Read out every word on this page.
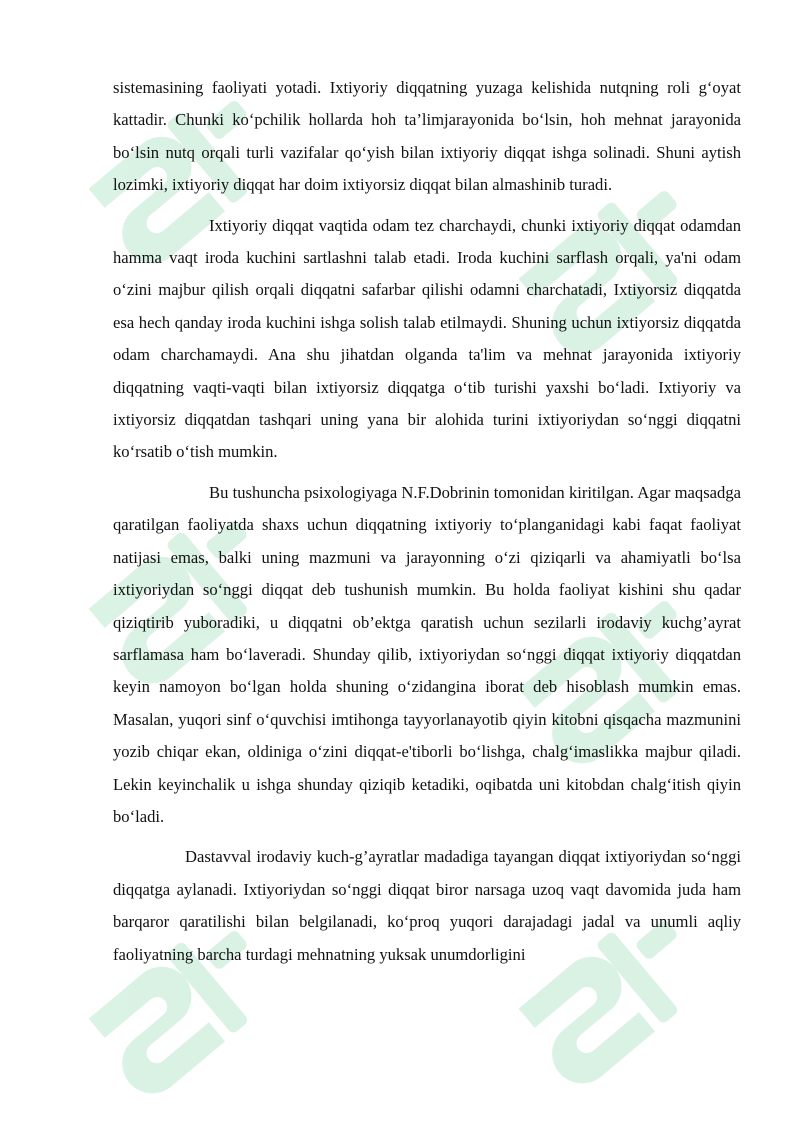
sistemasining faoliyati yotadi. Ixtiyoriy diqqatning yuzaga kelishida nutqning roli g‘oyat kattadir. Chunki ko‘pchilik hollarda hoh ta’limjarayonida bo‘lsin, hoh mehnat jarayonida bo‘lsin nutq orqali turli vazifalar qo‘yish bilan ixtiyoriy diqqat ishga solinadi. Shuni aytish lozimki, ixtiyoriy diqqat har doim ixtiyorsiz diqqat bilan almashinib turadi.

Ixtiyoriy diqqat vaqtida odam tez charchaydi, chunki ixtiyoriy diqqat odamdan hamma vaqt iroda kuchini sartlashni talab etadi. Iroda kuchini sarflash orqali, ya'ni odam o‘zini majbur qilish orqali diqqatni safarbar qilishi odamni charchatadi, Ixtiyorsiz diqqatda esa hech qanday iroda kuchini ishga solish talab etilmaydi. Shuning uchun ixtiyorsiz diqqatda odam charchamaydi. Ana shu jihatdan olganda ta'lim va mehnat jarayonida ixtiyoriy diqqatning vaqti-vaqti bilan ixtiyorsiz diqqatga o‘tib turishi yaxshi bo‘ladi. Ixtiyoriy va ixtiyorsiz diqqatdan tashqari uning yana bir alohida turini ixtiyoriydan so‘nggi diqqatni ko‘rsatib o‘tish mumkin.

Bu tushuncha psixologiyaga N.F.Dobrinin tomonidan kiritilgan. Agar maqsadga qaratilgan faoliyatda shaxs uchun diqqatning ixtiyoriy to‘planganidagi kabi faqat faoliyat natijasi emas, balki uning mazmuni va jarayonning o‘zi qiziqarli va ahamiyatli bo‘lsa ixtiyoriydan so‘nggi diqqat deb tushunish mumkin. Bu holda faoliyat kishini shu qadar qiziqtirib yuboradiki, u diqqatni ob’ektga qaratish uchun sezilarli irodaviy kuchg’ayrat sarflamasa ham bo‘laveradi. Shunday qilib, ixtiyoriydan so‘nggi diqqat ixtiyoriy diqqatdan keyin namoyon bo‘lgan holda shuning o‘zidangina iborat deb hisoblash mumkin emas. Masalan, yuqori sinf o‘quvchisi imtihonga tayyorlanayotib qiyin kitobni qisqacha mazmunini yozib chiqar ekan, oldiniga o‘zini diqqat-e'tiborli bo‘lishga, chalg‘imaslikka majbur qiladi. Lekin keyinchalik u ishga shunday qiziqib ketadiki, oqibatda uni kitobdan chalg‘itish qiyin bo‘ladi.

Dastavval irodaviy kuch-g’ayratlar madadiga tayangan diqqat ixtiyoriydan so‘nggi diqqatga aylanadi. Ixtiyoriydan so‘nggi diqqat biror narsaga uzoq vaqt davomida juda ham barqaror qaratilishi bilan belgilanadi, ko‘proq yuqori darajadagi jadal va unumli aqliy faoliyatning barcha turdagi mehnatning yuksak unumdorligini
